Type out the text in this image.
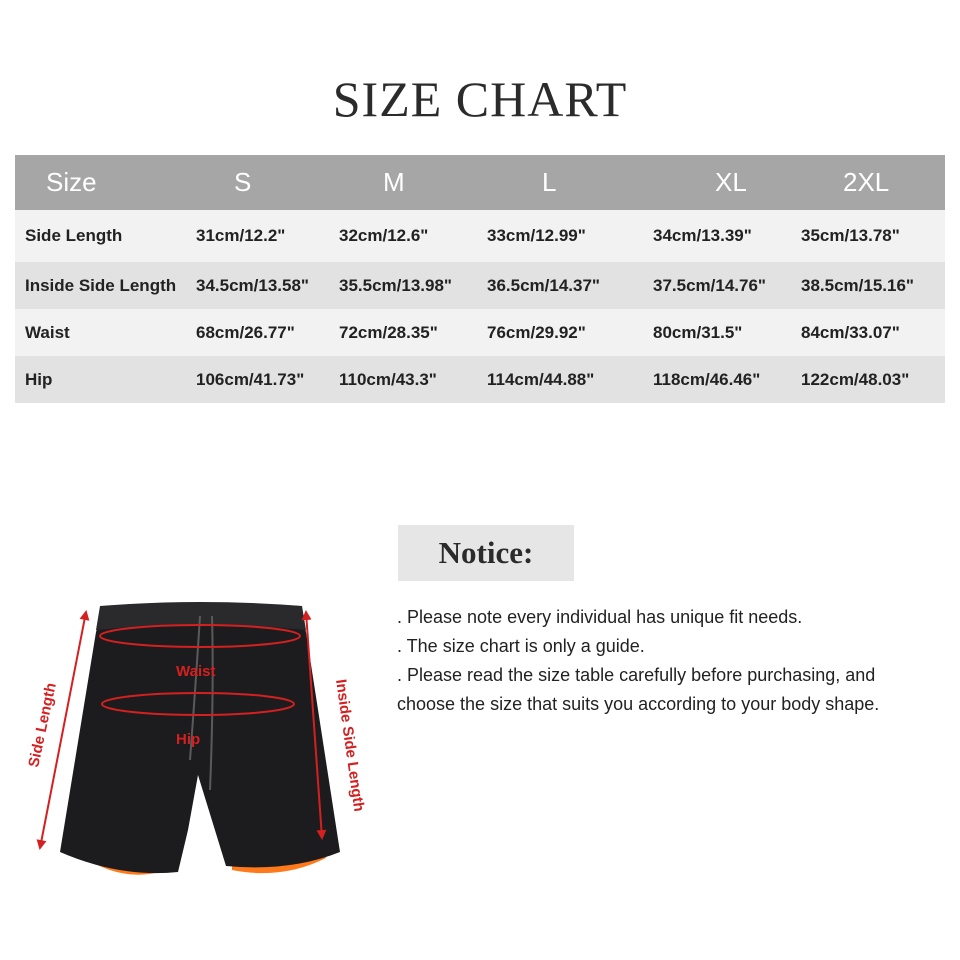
SIZE CHART
Size	S	M	L	XL	2XL
Side Length	31cm/12.2"	32cm/12.6"	33cm/12.99"	34cm/13.39"	35cm/13.78"
Inside Side Length	34.5cm/13.58"	35.5cm/13.98"	36.5cm/14.37"	37.5cm/14.76"	38.5cm/15.16"
Waist	68cm/26.77"	72cm/28.35"	76cm/29.92"	80cm/31.5"	84cm/33.07"
Hip	106cm/41.73"	110cm/43.3"	114cm/44.88"	118cm/46.46"	122cm/48.03"
Notice:

. Please note every individual has unique fit needs.

. The size chart is only a guide.

. Please read the size table carefully before purchasing, and choose the size that suits you according to your body shape.

Waist
Hip
Side Length	Inside Side Length
